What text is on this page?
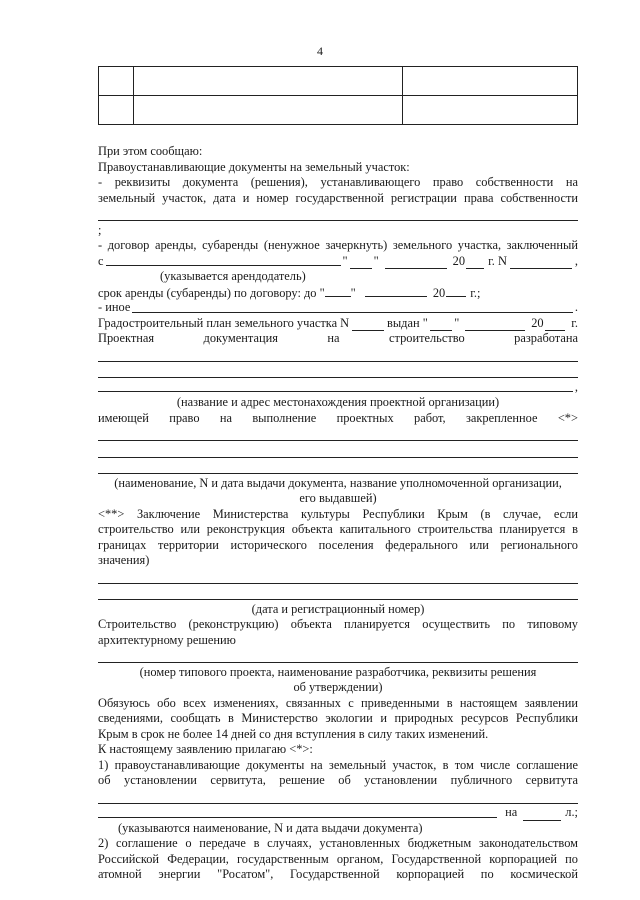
4

При этом сообщаю:
Правоустанавливающие документы на земельный участок:
- реквизиты документа (решения), устанавливающего право собственности на
земельный участок, дата и номер государственной регистрации права собственности
;
- договор аренды, субаренды (ненужное зачеркнуть) земельного участка, заключенный
с	" "	20 г. N	,
(указывается арендодатель)
срок аренды (субаренды) по договору: до " "	20 г.;
- иное	.
Градостроительный план земельного участка N	выдан " "	20 г.
Проектная документация на строительство разработана
,
(название и адрес местонахождения проектной организации)
имеющей право на выполнение проектных работ, закрепленное <*>
(наименование, N и дата выдачи документа, название уполномоченной организации,
его выдавшей)
<**> Заключение Министерства культуры Республики Крым (в случае, если
строительство или реконструкция объекта капитального строительства планируется в
границах территории исторического поселения федерального или регионального
значения)
(дата и регистрационный номер)
Строительство (реконструкцию) объекта планируется осуществить по типовому
архитектурному решению
(номер типового проекта, наименование разработчика, реквизиты решения
об утверждении)
Обязуюсь обо всех изменениях, связанных с приведенными в настоящем заявлении
сведениями, сообщать в Министерство экологии и природных ресурсов Республики
Крым в срок не более 14 дней со дня вступления в силу таких изменений.
К настоящему заявлению прилагаю <*>:
1) правоустанавливающие документы на земельный участок, в том числе соглашение
об установлении сервитута, решение об установлении публичного сервитута
на	л.;
(указываются наименование, N и дата выдачи документа)
2) соглашение о передаче в случаях, установленных бюджетным законодательством
Российской Федерации, государственным органом, Государственной корпорацией по
атомной энергии "Росатом", Государственной корпорацией по космической
